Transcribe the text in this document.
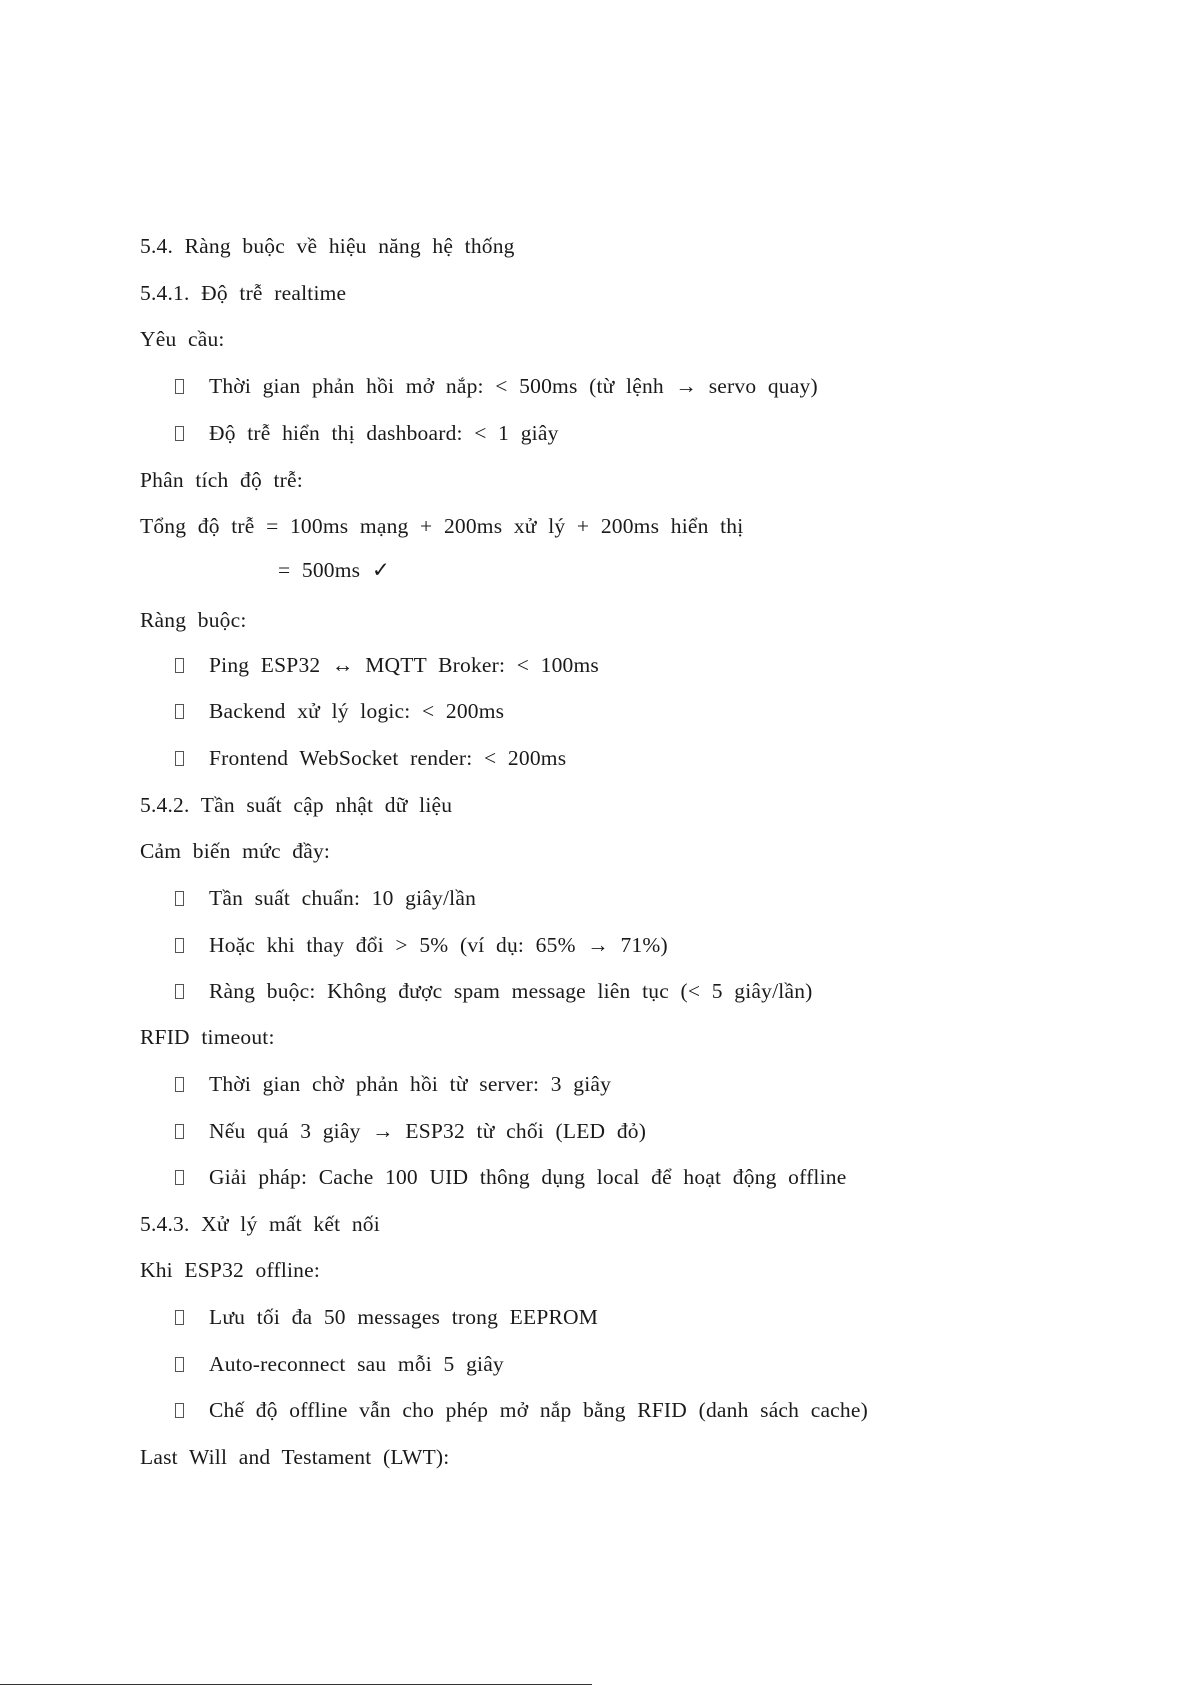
5.4. Ràng buộc về hiệu năng hệ thống
5.4.1. Độ trễ realtime
Yêu cầu:
Thời gian phản hồi mở nắp: < 500ms (từ lệnh → servo quay)
Độ trễ hiển thị dashboard: < 1 giây
Phân tích độ trễ:
Tổng độ trễ = 100ms mạng + 200ms xử lý + 200ms hiển thị
= 500ms ✓
Ràng buộc:
Ping ESP32 ↔ MQTT Broker: < 100ms
Backend xử lý logic: < 200ms
Frontend WebSocket render: < 200ms
5.4.2. Tần suất cập nhật dữ liệu
Cảm biến mức đầy:
Tần suất chuẩn: 10 giây/lần
Hoặc khi thay đổi > 5% (ví dụ: 65% → 71%)
Ràng buộc: Không được spam message liên tục (< 5 giây/lần)
RFID timeout:
Thời gian chờ phản hồi từ server: 3 giây
Nếu quá 3 giây → ESP32 từ chối (LED đỏ)
Giải pháp: Cache 100 UID thông dụng local để hoạt động offline
5.4.3. Xử lý mất kết nối
Khi ESP32 offline:
Lưu tối đa 50 messages trong EEPROM
Auto-reconnect sau mỗi 5 giây
Chế độ offline vẫn cho phép mở nắp bằng RFID (danh sách cache)
Last Will and Testament (LWT):
